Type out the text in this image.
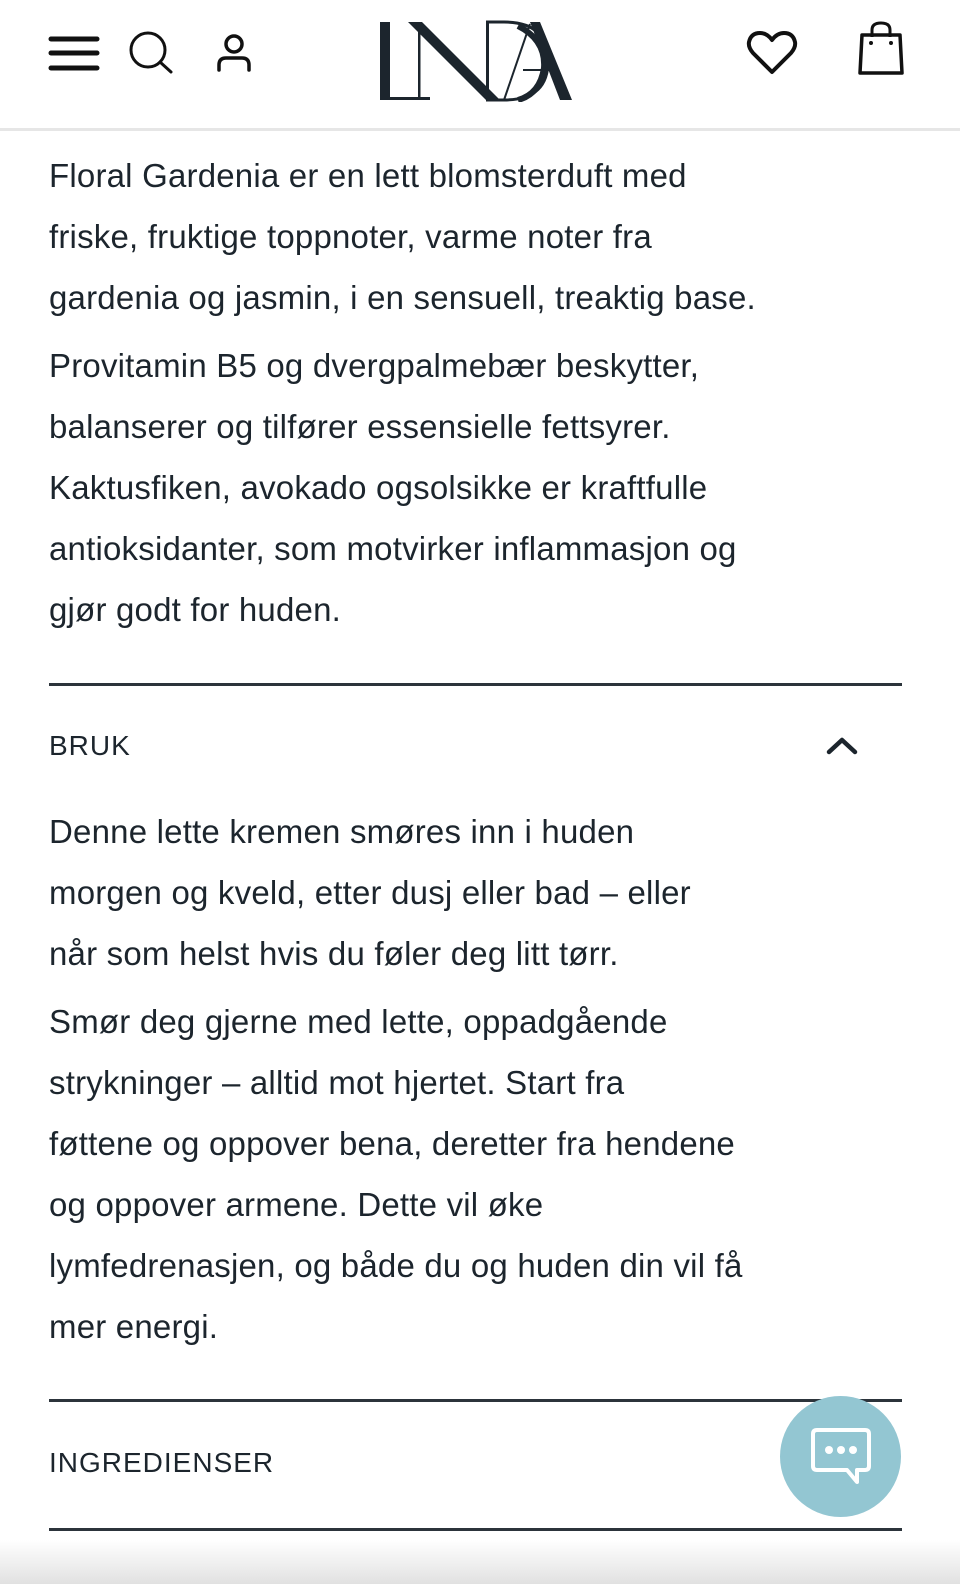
Floral Gardenia er en lett blomsterduft med
friske, fruktige toppnoter, varme noter fra
gardenia og jasmin, i en sensuell, treaktig base.

Provitamin B5 og dvergpalmebær beskytter,
balanserer og tilfører essensielle fettsyrer.
Kaktusfiken, avokado ogsolsikke er kraftfulle
antioksidanter, som motvirker inflammasjon og
gjør godt for huden.

BRUK

Denne lette kremen smøres inn i huden
morgen og kveld, etter dusj eller bad – eller
når som helst hvis du føler deg litt tørr.

Smør deg gjerne med lette, oppadgående
strykninger – alltid mot hjertet. Start fra
føttene og oppover bena, deretter fra hendene
og oppover armene. Dette vil øke
lymfedrenasjen, og både du og huden din vil få
mer energi.

INGREDIENSER
